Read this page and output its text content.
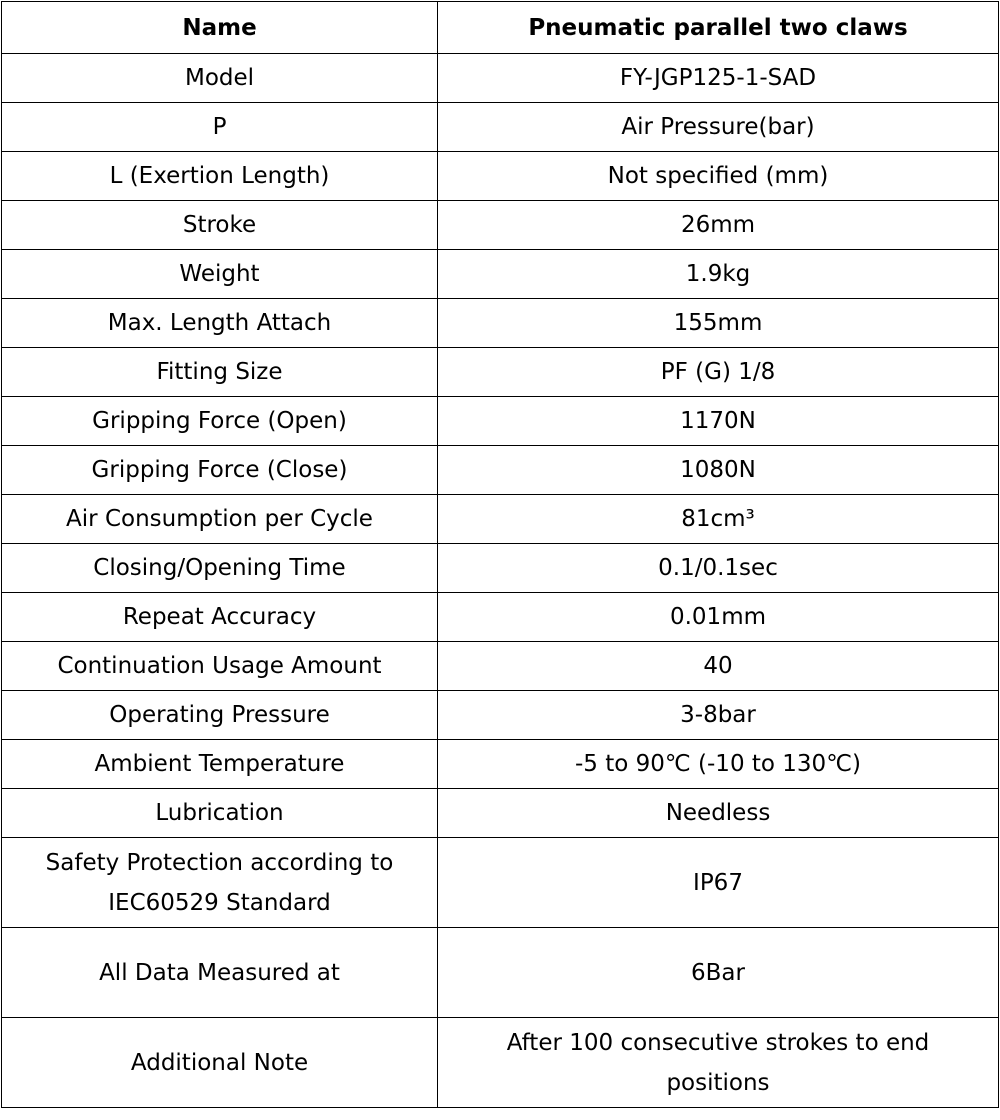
Name	Pneumatic parallel two claws
Model	FY-JGP125-1-SAD
P	Air Pressure(bar)
L (Exertion Length)	Not specified (mm)
Stroke	26mm
Weight	1.9kg
Max. Length Attach	155mm
Fitting Size	PF (G) 1/8
Gripping Force (Open)	1170N
Gripping Force (Close)	1080N
Air Consumption per Cycle	81cm³
Closing/Opening Time	0.1/0.1sec
Repeat Accuracy	0.01mm
Continuation Usage Amount	40
Operating Pressure	3-8bar
Ambient Temperature	-5 to 90℃ (-10 to 130℃)
Lubrication	Needless
Safety Protection according to IEC60529 Standard	IP67
All Data Measured at	6Bar
Additional Note	After 100 consecutive strokes to end positions
